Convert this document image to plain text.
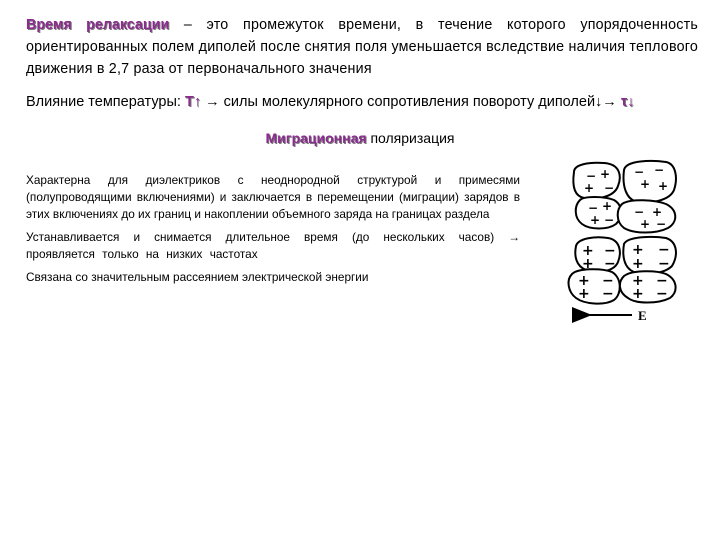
Время релаксации – это промежуток времени, в течение которого упорядоченность ориентированных полем диполей после снятия поля уменьшается вследствие наличия теплового движения в 2,7 раза от первоначального значения

Влияние температуры: T↑ → силы молекулярного сопротивления повороту диполей↓→ τ↓

Миграционная поляризация

Характерна для диэлектриков с неоднородной структурой и примесями (полупроводящими включениями) и заключается в перемещении (миграции) зарядов в этих включениях до их границ и накоплении объемного заряда на границах раздела

Устанавливается и снимается длительное время (до нескольких часов) → проявляется только на низких частотах

Связана со значительным рассеянием электрической энергии

− +
+ −
− −
+ +
− +
+ −
− +
+ −
+
+
−
−
+
+
−
−
+
+
−
−
+
+
−
−
E
